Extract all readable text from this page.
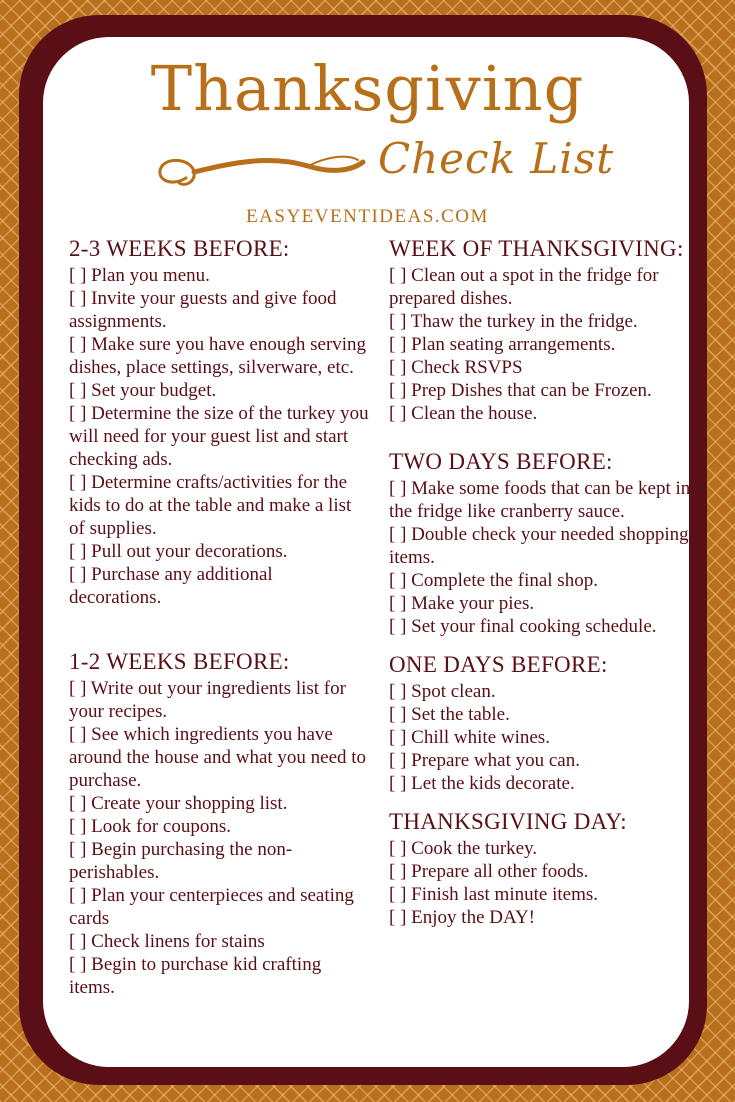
Thanksgiving
Check List
EASYEVENTIDEAS.COM
2-3 WEEKS BEFORE:
[ ] Plan you menu.
[ ] Invite your guests and give food assignments.
[ ] Make sure you have enough serving dishes, place settings, silverware, etc.
[ ] Set your budget.
[ ] Determine the size of the turkey you will need for your guest list and start checking ads.
[ ] Determine crafts/activities for the kids to do at the table and make a list of supplies.
[ ] Pull out your decorations.
[ ] Purchase any additional decorations.
1-2 WEEKS BEFORE:
[ ] Write out your ingredients list for your recipes.
[ ] See which ingredients you have around the house and what you need to purchase.
[ ] Create your shopping list.
[ ] Look for coupons.
[ ] Begin purchasing the non-perishables.
[ ] Plan your centerpieces and seating cards
[ ] Check linens for stains
[ ] Begin to purchase kid crafting items.
WEEK OF THANKSGIVING:
[ ] Clean out a spot in the fridge for prepared dishes.
[ ] Thaw the turkey in the fridge.
[ ] Plan seating arrangements.
[ ] Check RSVPS
[ ] Prep Dishes that can be Frozen.
[ ] Clean the house.
TWO DAYS BEFORE:
[ ] Make some foods that can be kept in the fridge like cranberry sauce.
[ ] Double check your needed shopping items.
[ ] Complete the final shop.
[ ] Make your pies.
[ ] Set your final cooking schedule.
ONE DAYS BEFORE:
[ ] Spot clean.
[ ] Set the table.
[ ] Chill white wines.
[ ] Prepare what you can.
[ ] Let the kids decorate.
THANKSGIVING DAY:
[ ] Cook the turkey.
[ ] Prepare all other foods.
[ ] Finish last minute items.
[ ] Enjoy the DAY!
